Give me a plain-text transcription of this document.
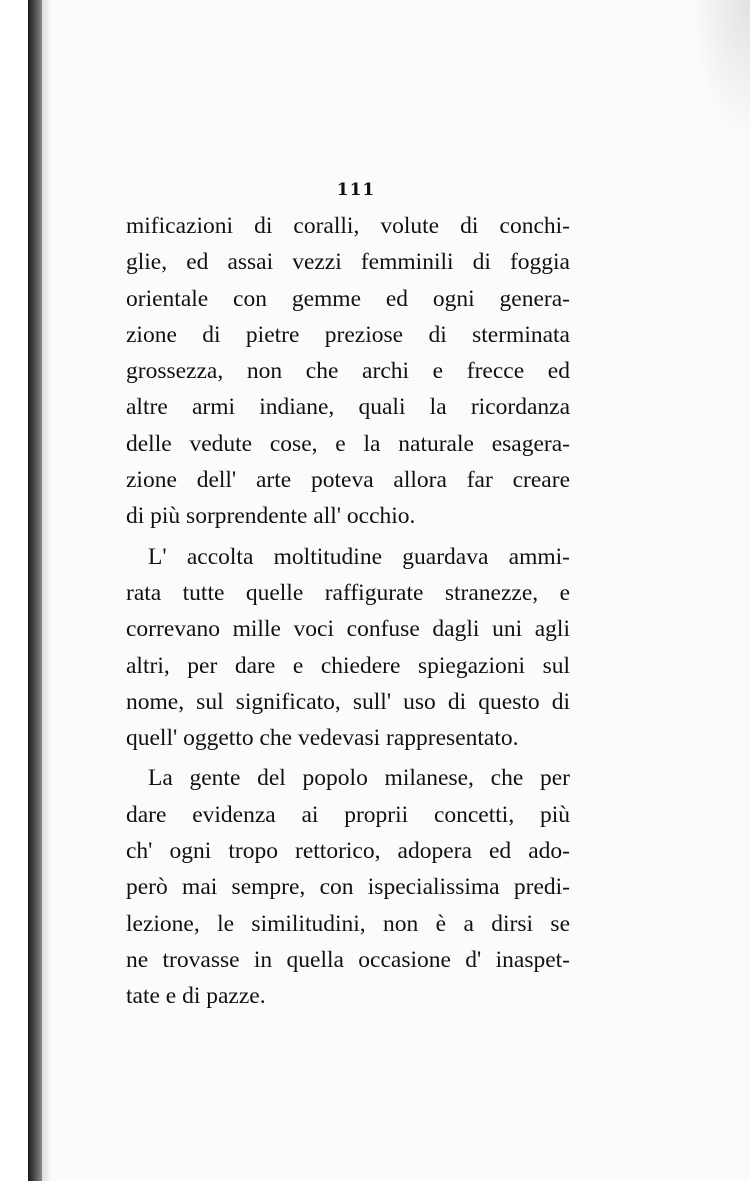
111
mificazioni di coralli, volute di conchi-
glie, ed assai vezzi femminili di foggia
orientale con gemme ed ogni genera-
zione di pietre preziose di sterminata
grossezza, non che archi e frecce ed
altre armi indiane, quali la ricordanza
delle vedute cose, e la naturale esagera-
zione dell' arte poteva allora far creare
di più sorprendente all' occhio.
L' accolta moltitudine guardava ammi-
rata tutte quelle raffigurate stranezze, e
correvano mille voci confuse dagli uni agli
altri, per dare e chiedere spiegazioni sul
nome, sul significato, sull' uso di questo di
quell' oggetto che vedevasi rappresentato.
La gente del popolo milanese, che per
dare evidenza ai proprii concetti, più
ch' ogni tropo rettorico, adopera ed ado-
però mai sempre, con ispecialissima predi-
lezione, le similitudini, non è a dirsi se
ne trovasse in quella occasione d' inaspet-
tate e di pazze.
